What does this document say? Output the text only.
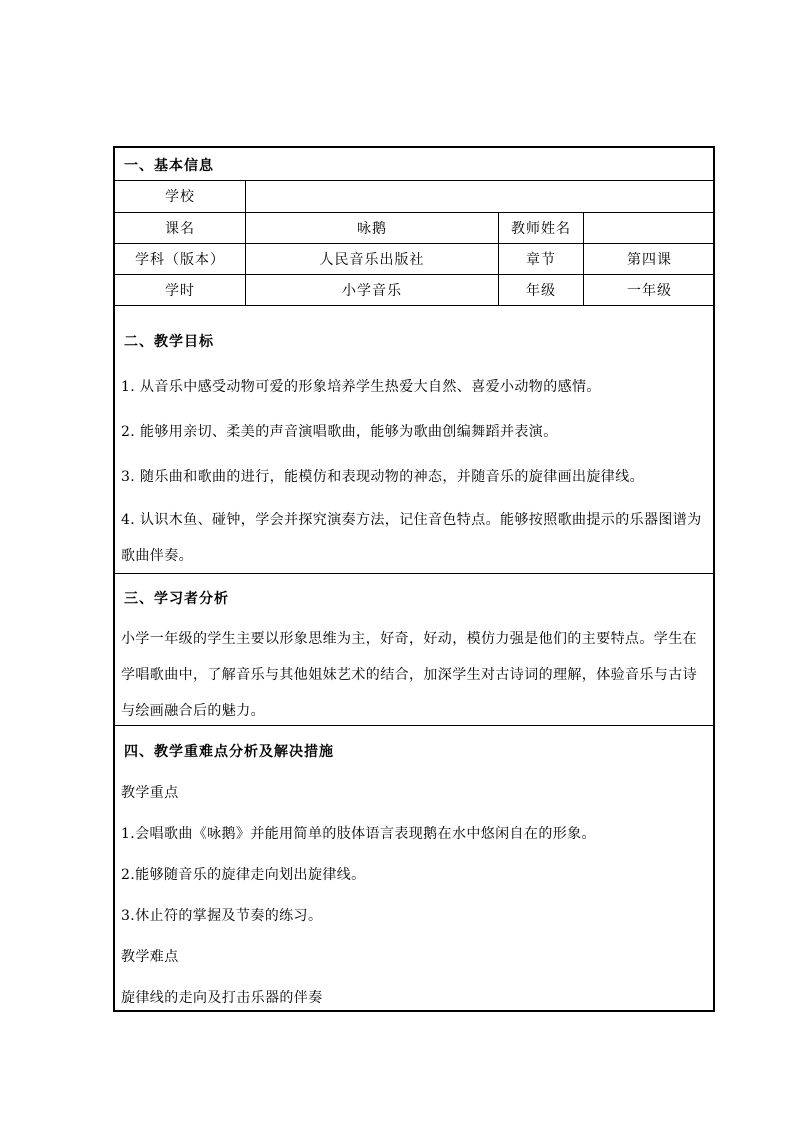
一、基本信息
学校
课名	咏鹅	教师姓名
学科（版本）	人民音乐出版社	章节	第四课
学时	小学音乐	年级	一年级
二、教学目标
1. 从音乐中感受动物可爱的形象培养学生热爱大自然、喜爱小动物的感情。
2. 能够用亲切、柔美的声音演唱歌曲，能够为歌曲创编舞蹈并表演。
3. 随乐曲和歌曲的进行，能模仿和表现动物的神态，并随音乐的旋律画出旋律线。
4. 认识木鱼、碰钟，学会并探究演奏方法，记住音色特点。能够按照歌曲提示的乐器图谱为歌曲伴奏。
三、学习者分析
小学一年级的学生主要以形象思维为主，好奇，好动，模仿力强是他们的主要特点。学生在学唱歌曲中，了解音乐与其他姐妹艺术的结合，加深学生对古诗词的理解，体验音乐与古诗与绘画融合后的魅力。
四、教学重难点分析及解决措施
教学重点
1.会唱歌曲《咏鹅》并能用简单的肢体语言表现鹅在水中悠闲自在的形象。
2.能够随音乐的旋律走向划出旋律线。
3.休止符的掌握及节奏的练习。
教学难点
旋律线的走向及打击乐器的伴奏
